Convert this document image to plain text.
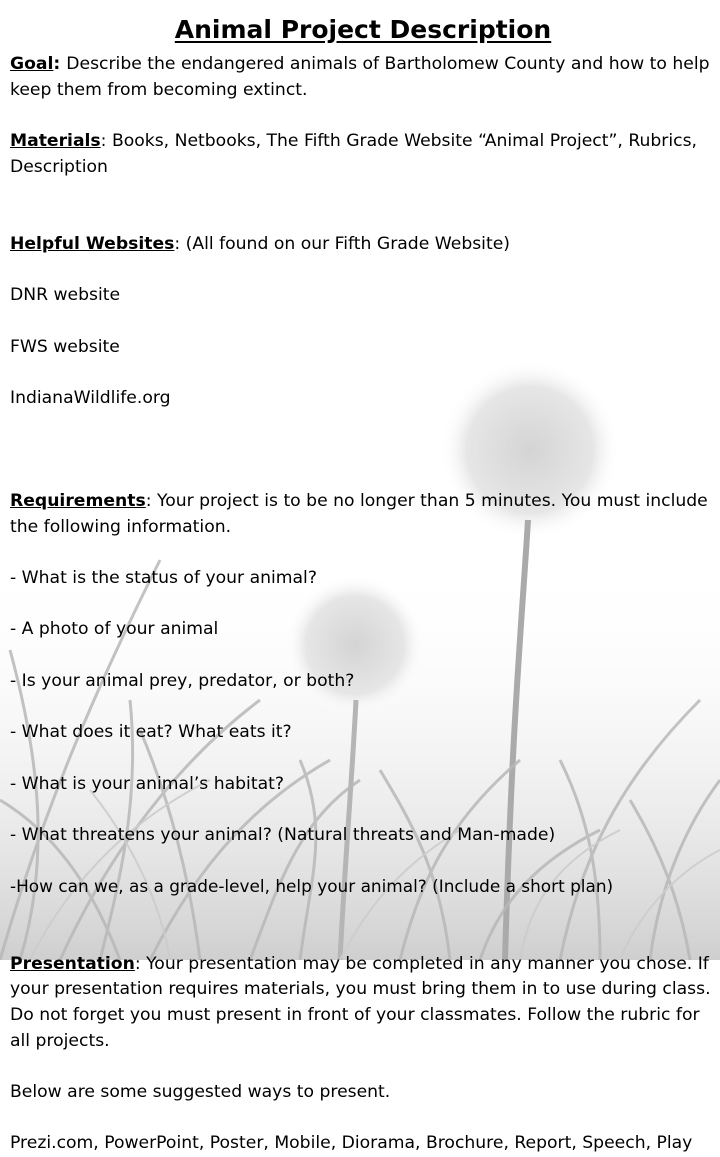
Animal Project Description

Goal: Describe the endangered animals of Bartholomew County and how to help keep them from becoming extinct.

Materials: Books, Netbooks, The Fifth Grade Website “Animal Project”, Rubrics, Description

Helpful Websites: (All found on our Fifth Grade Website)

DNR website

FWS website

IndianaWildlife.org

Requirements: Your project is to be no longer than 5 minutes. You must include the following information.

- What is the status of your animal?

- A photo of your animal

- Is your animal prey, predator, or both?

- What does it eat? What eats it?

- What is your animal’s habitat?

- What threatens your animal? (Natural threats and Man-made)

-How can we, as a grade-level, help your animal? (Include a short plan)

Presentation: Your presentation may be completed in any manner you chose. If your presentation requires materials, you must bring them in to use during class. Do not forget you must present in front of your classmates. Follow the rubric for all projects.

Below are some suggested ways to present.

Prezi.com, PowerPoint, Poster, Mobile, Diorama, Brochure, Report, Speech, Play
